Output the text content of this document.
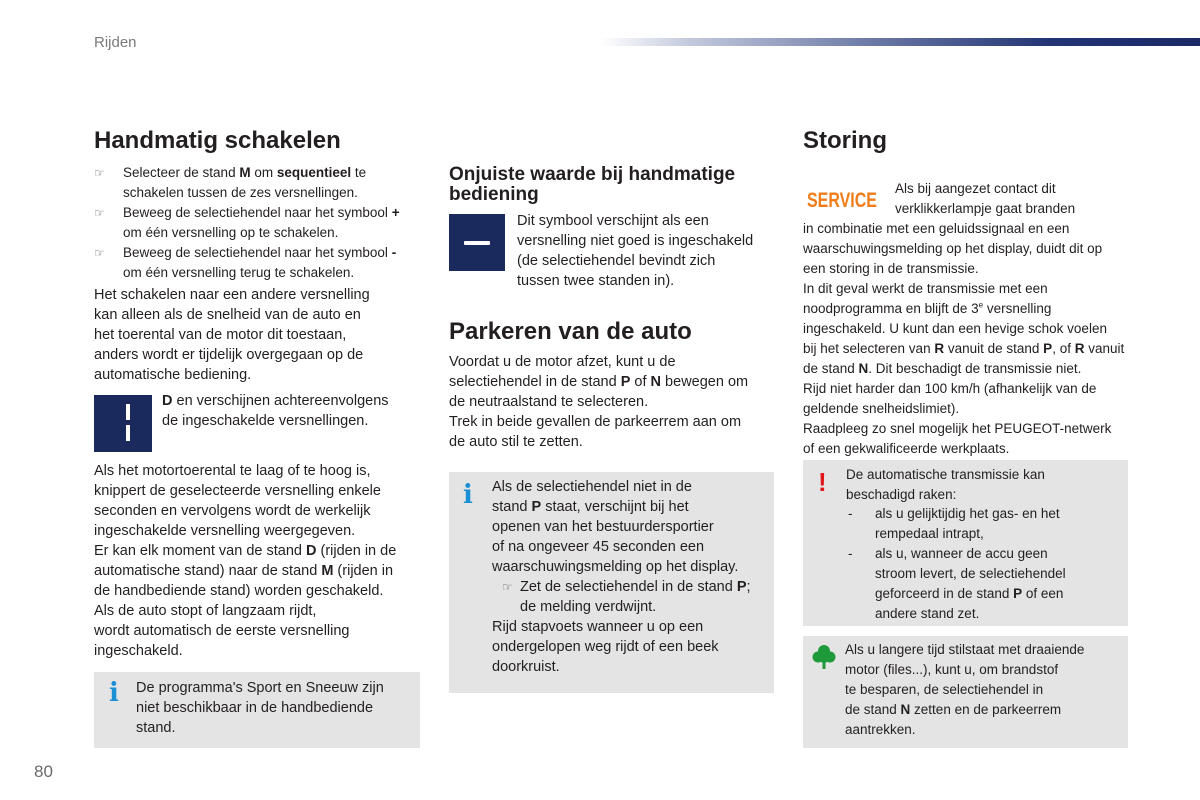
Rijden
Handmatig schakelen
☞ Selecteer de stand M om sequentieel te
schakelen tussen de zes versnellingen.
☞ Beweeg de selectiehendel naar het symbool +
om één versnelling op te schakelen.
☞ Beweeg de selectiehendel naar het symbool -
om één versnelling terug te schakelen.
Het schakelen naar een andere versnelling
kan alleen als de snelheid van de auto en
het toerental van de motor dit toestaan,
anders wordt er tijdelijk overgegaan op de
automatische bediening.
D en verschijnen achtereenvolgens
de ingeschakelde versnellingen.
Als het motortoerental te laag of te hoog is,
knippert de geselecteerde versnelling enkele
seconden en vervolgens wordt de werkelijk
ingeschakelde versnelling weergegeven.
Er kan elk moment van de stand D (rijden in de
automatische stand) naar de stand M (rijden in
de handbediende stand) worden geschakeld.
Als de auto stopt of langzaam rijdt,
wordt automatisch de eerste versnelling
ingeschakeld.
i De programma's Sport en Sneeuw zijn
niet beschikbaar in de handbediende
stand.
Onjuiste waarde bij handmatige
bediening
Dit symbool verschijnt als een
versnelling niet goed is ingeschakeld
(de selectiehendel bevindt zich
tussen twee standen in).
Parkeren van de auto
Voordat u de motor afzet, kunt u de
selectiehendel in de stand P of N bewegen om
de neutraalstand te selecteren.
Trek in beide gevallen de parkeerrem aan om
de auto stil te zetten.
i Als de selectiehendel niet in de
stand P staat, verschijnt bij het
openen van het bestuurdersportier
of na ongeveer 45 seconden een
waarschuwingsmelding op het display.
☞ Zet de selectiehendel in de stand P;
de melding verdwijnt.
Rijd stapvoets wanneer u op een
ondergelopen weg rijdt of een beek
doorkruist.
Storing
SERVICE
Als bij aangezet contact dit
verklikkerlampje gaat branden
in combinatie met een geluidssignaal en een
waarschuwingsmelding op het display, duidt dit op
een storing in de transmissie.
In dit geval werkt de transmissie met een
noodprogramma en blijft de 3e versnelling
ingeschakeld. U kunt dan een hevige schok voelen
bij het selecteren van R vanuit de stand P, of R vanuit
de stand N. Dit beschadigt de transmissie niet.
Rijd niet harder dan 100 km/h (afhankelijk van de
geldende snelheidslimiet).
Raadpleeg zo snel mogelijk het PEUGEOT-netwerk
of een gekwalificeerde werkplaats.
! De automatische transmissie kan
beschadigd raken:
- als u gelijktijdig het gas- en het
rempedaal intrapt,
- als u, wanneer de accu geen
stroom levert, de selectiehendel
geforceerd in de stand P of een
andere stand zet.
Als u langere tijd stilstaat met draaiende
motor (files...), kunt u, om brandstof
te besparen, de selectiehendel in
de stand N zetten en de parkeerrem
aantrekken.
80
